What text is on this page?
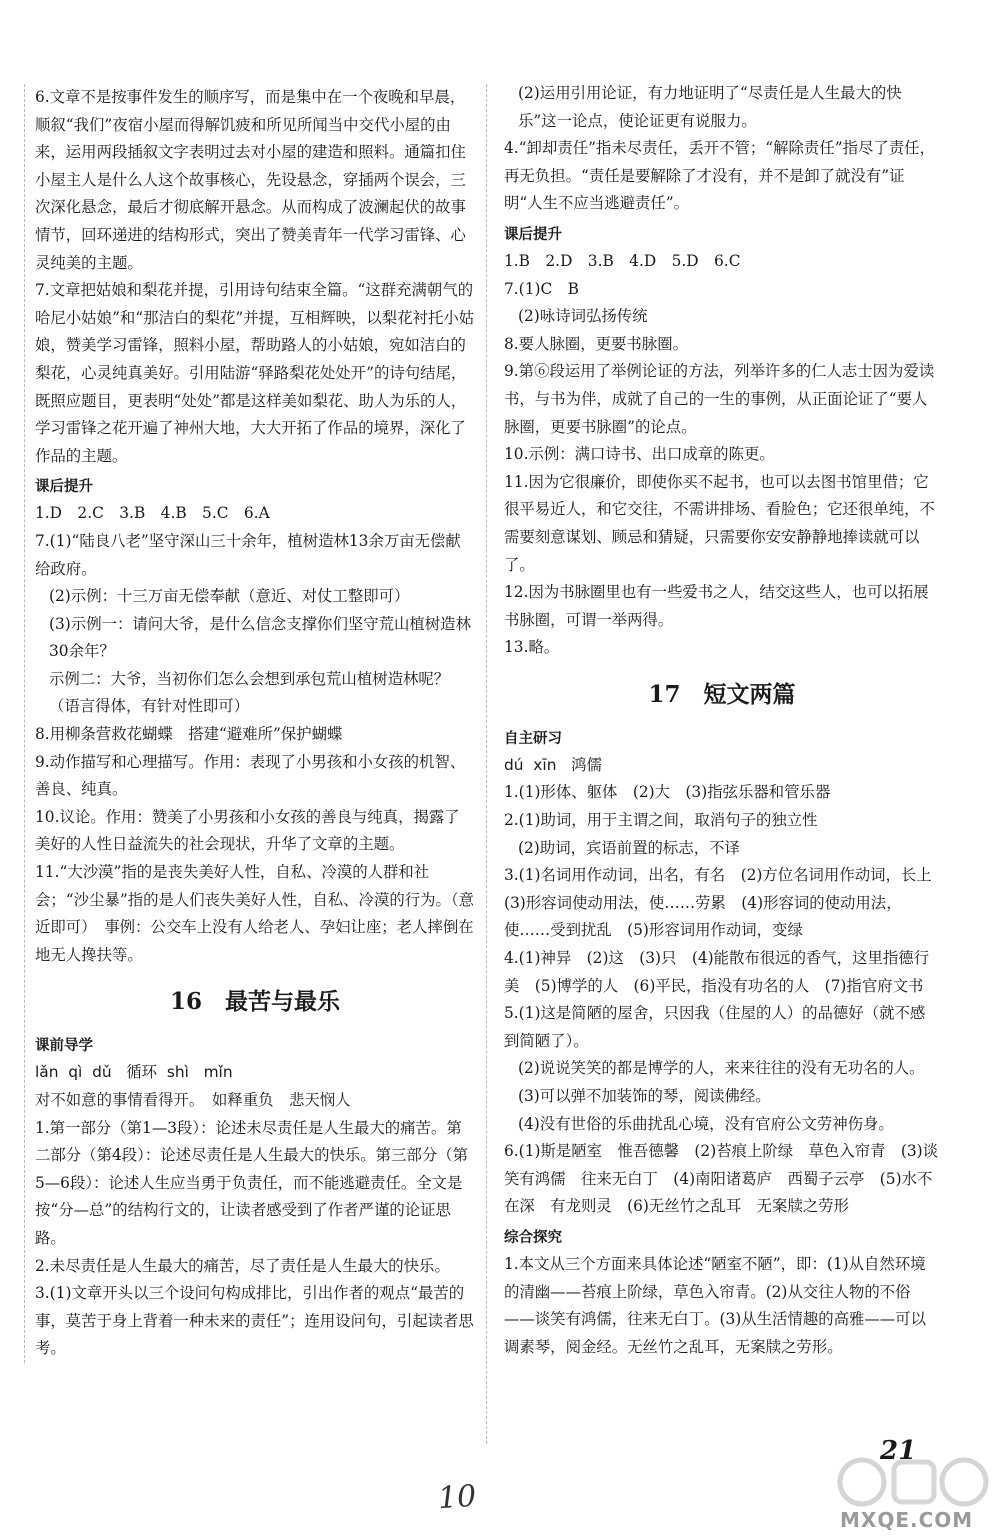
6.文章不是按事件发生的顺序写，而是集中在一个夜晚和早晨，顺叙“我们”夜宿小屋而得解饥疲和所见所闻当中交代小屋的由来，运用两段插叙文字表明过去对小屋的建造和照料。通篇扣住小屋主人是什么人这个故事核心，先设悬念，穿插两个误会，三次深化悬念，最后才彻底解开悬念。从而构成了波澜起伏的故事情节，回环递进的结构形式，突出了赞美青年一代学习雷锋、心灵纯美的主题。

7.文章把姑娘和梨花并提，引用诗句结束全篇。“这群充满朝气的哈尼小姑娘”和“那洁白的梨花”并提，互相辉映，以梨花衬托小姑娘，赞美学习雷锋，照料小屋，帮助路人的小姑娘，宛如洁白的梨花，心灵纯真美好。引用陆游“驿路梨花处处开”的诗句结尾，既照应题目，更表明“处处”都是这样美如梨花、助人为乐的人，学习雷锋之花开遍了神州大地，大大开拓了作品的境界，深化了作品的主题。

课后提升

1.D　2.C　3.B　4.B　5.C　6.A

7.(1)“陆良八老”坚守深山三十余年，植树造林13余万亩无偿献给政府。

(2)示例：十三万亩无偿奉献（意近、对仗工整即可）

(3)示例一：请问大爷，是什么信念支撑你们坚守荒山植树造林30余年？

示例二：大爷，当初你们怎么会想到承包荒山植树造林呢？（语言得体，有针对性即可）

8.用柳条营救花蝴蝶　搭建“避难所”保护蝴蝶

9.动作描写和心理描写。作用：表现了小男孩和小女孩的机智、善良、纯真。

10.议论。作用：赞美了小男孩和小女孩的善良与纯真，揭露了美好的人性日益流失的社会现状，升华了文章的主题。

11.“大沙漠”指的是丧失美好人性，自私、冷漠的人群和社会；“沙尘暴”指的是人们丧失美好人性，自私、冷漠的行为。（意近即可）　事例：公交车上没有人给老人、孕妇让座；老人摔倒在地无人搀扶等。

16　最苦与最乐
课前导学

lǎn  qì  dǔ   循环  shì   mǐn

对不如意的事情看得开。　如释重负　悲天悯人

1.第一部分（第1—3段）：论述未尽责任是人生最大的痛苦。第二部分（第4段）：论述尽责任是人生最大的快乐。第三部分（第5—6段）：论述人生应当勇于负责任，而不能逃避责任。全文是按“分—总”的结构行文的，让读者感受到了作者严谨的论证思路。

2.未尽责任是人生最大的痛苦，尽了责任是人生最大的快乐。

3.(1)文章开头以三个设问句构成排比，引出作者的观点“最苦的事，莫苦于身上背着一种未来的责任”；连用设问句，引起读者思考。

(2)运用引用论证，有力地证明了“尽责任是人生最大的快乐”这一论点，使论证更有说服力。

4.“卸却责任”指未尽责任，丢开不管；“解除责任”指尽了责任，再无负担。“责任是要解除了才没有，并不是卸了就没有”证明“人生不应当逃避责任”。

课后提升

1.B　2.D　3.B　4.D　5.D　6.C

7.(1)C　B

(2)咏诗词弘扬传统

8.要人脉圈，更要书脉圈。

9.第⑥段运用了举例论证的方法，列举许多的仁人志士因为爱读书，与书为伴，成就了自己的一生的事例，从正面论证了“要人脉圈，更要书脉圈”的论点。

10.示例：满口诗书、出口成章的陈更。

11.因为它很廉价，即使你买不起书，也可以去图书馆里借；它很平易近人，和它交往，不需讲排场、看脸色；它还很单纯，不需要刻意谋划、顾忌和猜疑，只需要你安安静静地捧读就可以了。

12.因为书脉圈里也有一些爱书之人，结交这些人，也可以拓展书脉圈，可谓一举两得。

13.略。

17　短文两篇
自主研习

dú  xīn   鸿儒

1.(1)形体、躯体　(2)大　(3)指弦乐器和管乐器

2.(1)助词，用于主谓之间，取消句子的独立性

(2)助词，宾语前置的标志，不译

3.(1)名词用作动词，出名，有名　(2)方位名词用作动词，长上　(3)形容词使动用法，使……劳累　(4)形容词的使动用法，使……受到扰乱　(5)形容词用作动词，变绿

4.(1)神异　(2)这　(3)只　(4)能散布很远的香气，这里指德行美　(5)博学的人　(6)平民，指没有功名的人　(7)指官府文书

5.(1)这是简陋的屋舍，只因我（住屋的人）的品德好（就不感到简陋了）。

(2)说说笑笑的都是博学的人，来来往往的没有无功名的人。

(3)可以弹不加装饰的琴，阅读佛经。

(4)没有世俗的乐曲扰乱心境，没有官府公文劳神伤身。

6.(1)斯是陋室　惟吾德馨　(2)苔痕上阶绿　草色入帘青　(3)谈笑有鸿儒　往来无白丁　(4)南阳诸葛庐　西蜀子云亭　(5)水不在深　有龙则灵　(6)无丝竹之乱耳　无案牍之劳形

综合探究

1.本文从三个方面来具体论述“陋室不陋”，即：(1)从自然环境的清幽——苔痕上阶绿，草色入帘青。(2)从交往人物的不俗——谈笑有鸿儒，往来无白丁。(3)从生活情趣的高雅——可以调素琴，阅金经。无丝竹之乱耳，无案牍之劳形。

21
10
MXQE.COM
